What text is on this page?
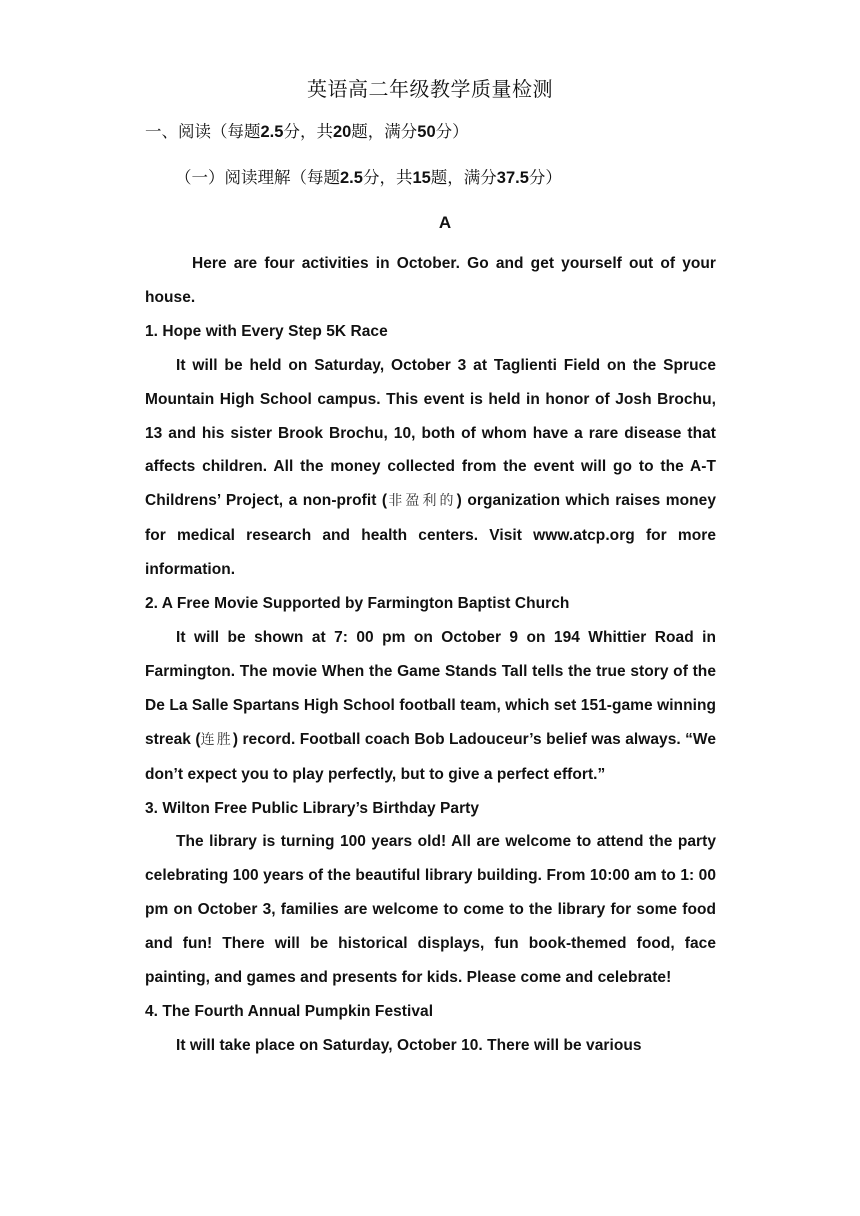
英语高二年级教学质量检测
一、阅读（每题2.5分，共20题，满分50分）
（一）阅读理解（每题2.5分，共15题，满分37.5分）
A

Here are four activities in October. Go and get yourself out of your house.

1. Hope with Every Step 5K Race

It will be held on Saturday, October 3 at Taglienti Field on the Spruce Mountain High School campus. This event is held in honor of Josh Brochu, 13 and his sister Brook Brochu, 10, both of whom have a rare disease that affects children. All the money collected from the event will go to the A-T Childrens’ Project, a non-profit (非盈利的) organization which raises money for medical research and health centers. Visit www.atcp.org for more information.

2. A Free Movie Supported by Farmington Baptist Church

It will be shown at 7: 00 pm on October 9 on 194 Whittier Road in Farmington. The movie When the Game Stands Tall tells the true story of the De La Salle Spartans High School football team, which set 151-game winning streak (连胜) record. Football coach Bob Ladouceur’s belief was always. “We don’t expect you to play perfectly, but to give a perfect effort.”

3. Wilton Free Public Library’s Birthday Party

The library is turning 100 years old! All are welcome to attend the party celebrating 100 years of the beautiful library building. From 10:00 am to 1: 00 pm on October 3, families are welcome to come to the library for some food and fun! There will be historical displays, fun book-themed food, face painting, and games and presents for kids. Please come and celebrate!

4. The Fourth Annual Pumpkin Festival

It will take place on Saturday, October 10. There will be various
